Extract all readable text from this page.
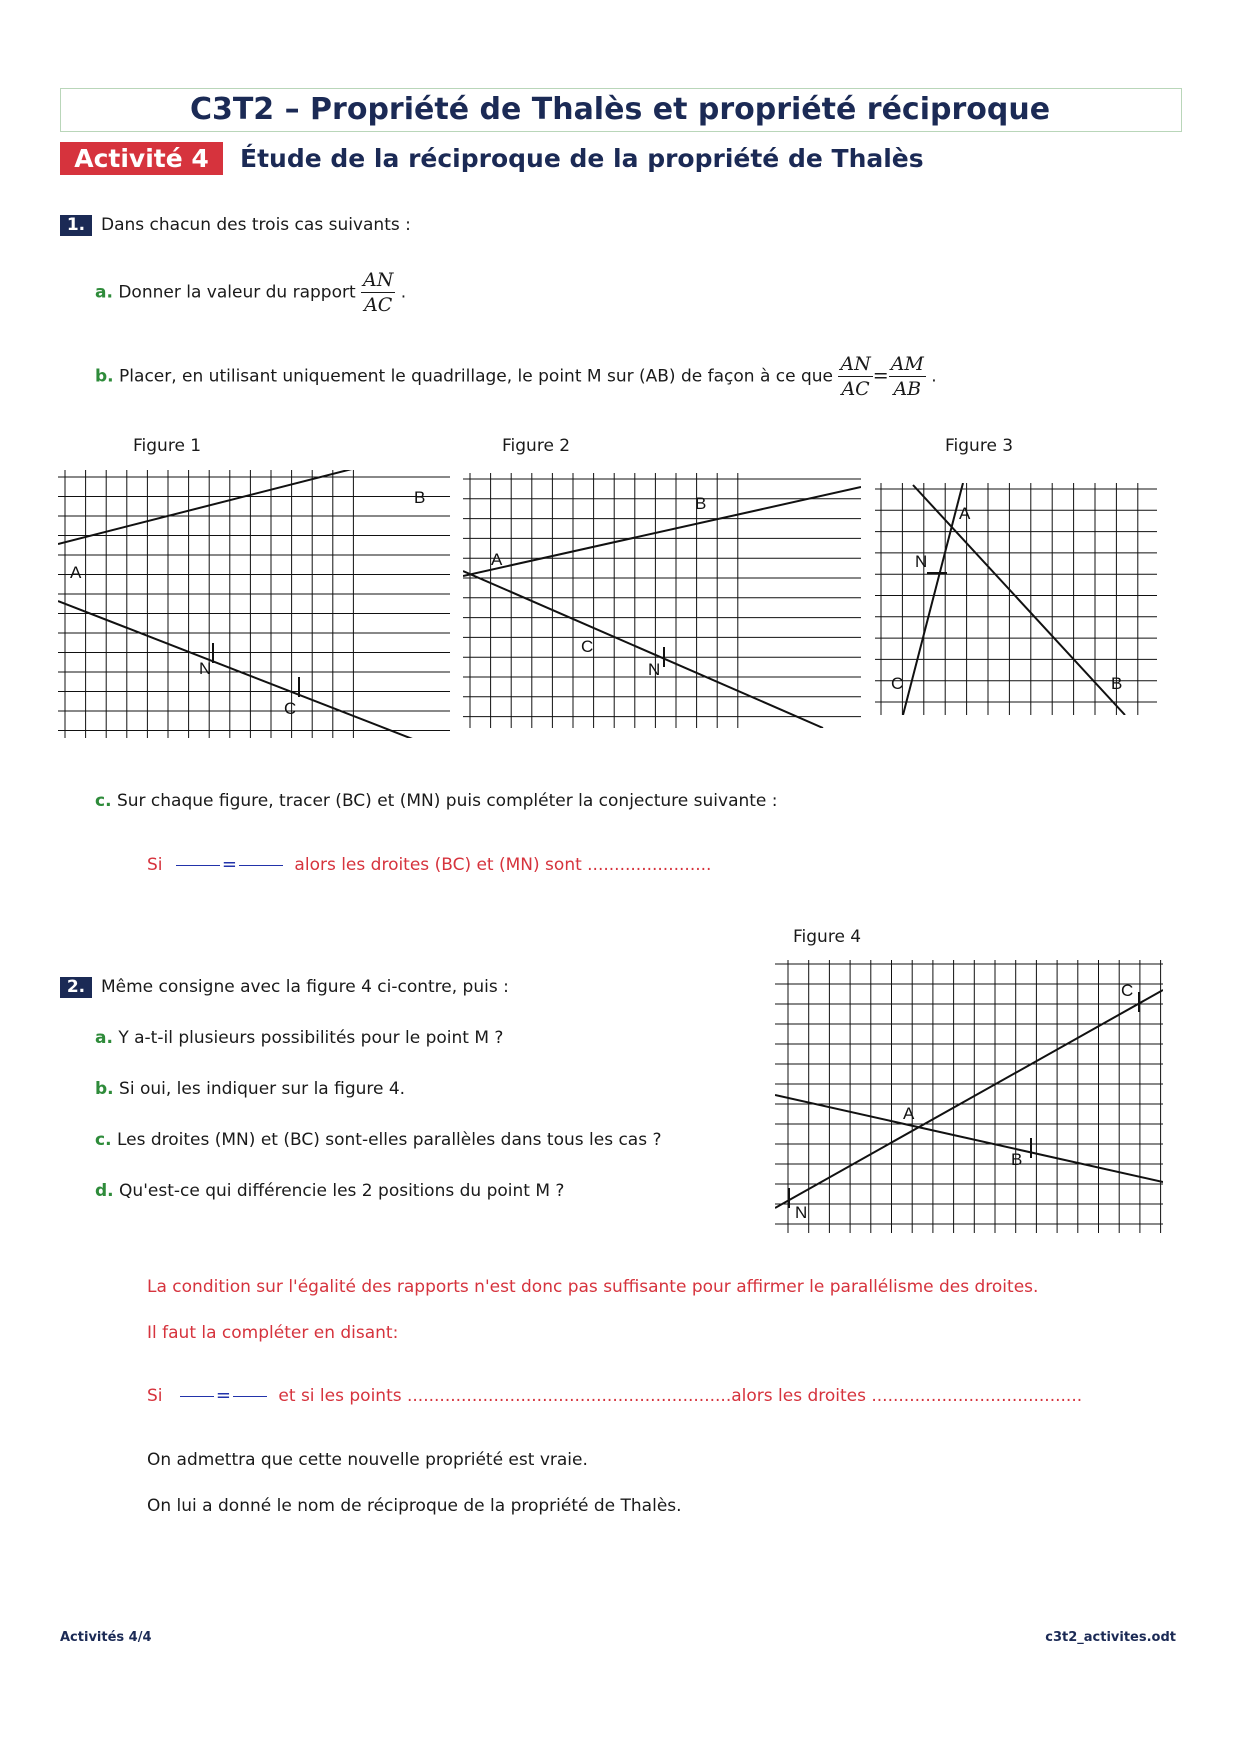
C3T2 – Propriété de Thalès et propriété réciproque
Activité 4	Étude de la réciproque de la propriété de Thalès
1. Dans chacun des trois cas suivants :
a. Donner la valeur du rapport $\frac{AN}{AC}$ .
b. Placer, en utilisant uniquement le quadrillage, le point M sur (AB) de façon à ce que $\frac{AN}{AC} = \frac{AM}{AB}$ .
Figure 1	Figure 2	Figure 3
A
B
N
C
A
B
C
N
A
N
C	B
c. Sur chaque figure, tracer (BC) et (MN) puis compléter la conjecture suivante :
Si	=	alors les droites (BC) et (MN) sont .......................
Figure 4
C
A
B
N
2. Même consigne avec la figure 4 ci-contre, puis :
a. Y a-t-il plusieurs possibilités pour le point M ?
b. Si oui, les indiquer sur la figure 4.
c. Les droites (MN) et (BC) sont-elles parallèles dans tous les cas ?
d. Qu'est-ce qui différencie les 2 positions du point M ?
La condition sur l'égalité des rapports n'est donc pas suffisante pour affirmer le parallélisme des droites.
Il faut la compléter en disant:
Si	=	et si les points ............................................................alors les droites .......................................
On admettra que cette nouvelle propriété est vraie.
On lui a donné le nom de réciproque de la propriété de Thalès.
Activités 4/4	c3t2_activites.odt
